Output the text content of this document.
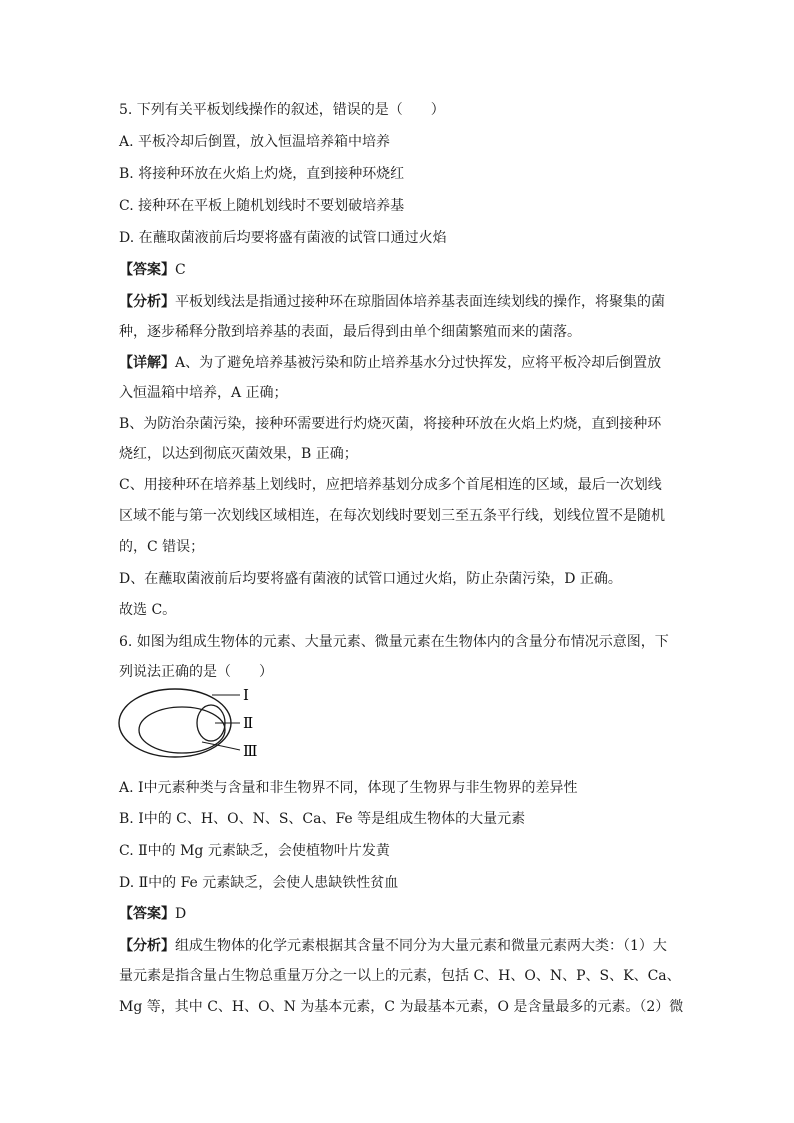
5. 下列有关平板划线操作的叙述，错误的是（　　）
A. 平板冷却后倒置，放入恒温培养箱中培养
B. 将接种环放在火焰上灼烧，直到接种环烧红
C. 接种环在平板上随机划线时不要划破培养基
D. 在蘸取菌液前后均要将盛有菌液的试管口通过火焰
【答案】C
【分析】平板划线法是指通过接种环在琼脂固体培养基表面连续划线的操作，将聚集的菌
种，逐步稀释分散到培养基的表面，最后得到由单个细菌繁殖而来的菌落。
【详解】A、为了避免培养基被污染和防止培养基水分过快挥发，应将平板冷却后倒置放
入恒温箱中培养，A 正确；
B、为防治杂菌污染，接种环需要进行灼烧灭菌，将接种环放在火焰上灼烧，直到接种环
烧红，以达到彻底灭菌效果，B 正确；
C、用接种环在培养基上划线时，应把培养基划分成多个首尾相连的区域，最后一次划线
区域不能与第一次划线区域相连，在每次划线时要划三至五条平行线，划线位置不是随机
的，C 错误；
D、在蘸取菌液前后均要将盛有菌液的试管口通过火焰，防止杂菌污染，D 正确。
故选 C。
6. 如图为组成生物体的元素、大量元素、微量元素在生物体内的含量分布情况示意图，下
列说法正确的是（　　）
Ⅰ
Ⅱ
Ⅲ
A. Ⅰ中元素种类与含量和非生物界不同，体现了生物界与非生物界的差异性
B. Ⅰ中的 C、H、O、N、S、Ca、Fe 等是组成生物体的大量元素
C. Ⅱ中的 Mg 元素缺乏，会使植物叶片发黄
D. Ⅱ中的 Fe 元素缺乏，会使人患缺铁性贫血
【答案】D
【分析】组成生物体的化学元素根据其含量不同分为大量元素和微量元素两大类：（1）大
量元素是指含量占生物总重量万分之一以上的元素，包括 C、H、O、N、P、S、K、Ca、
Mg 等，其中 C、H、O、N 为基本元素，C 为最基本元素，O 是含量最多的元素。（2）微
